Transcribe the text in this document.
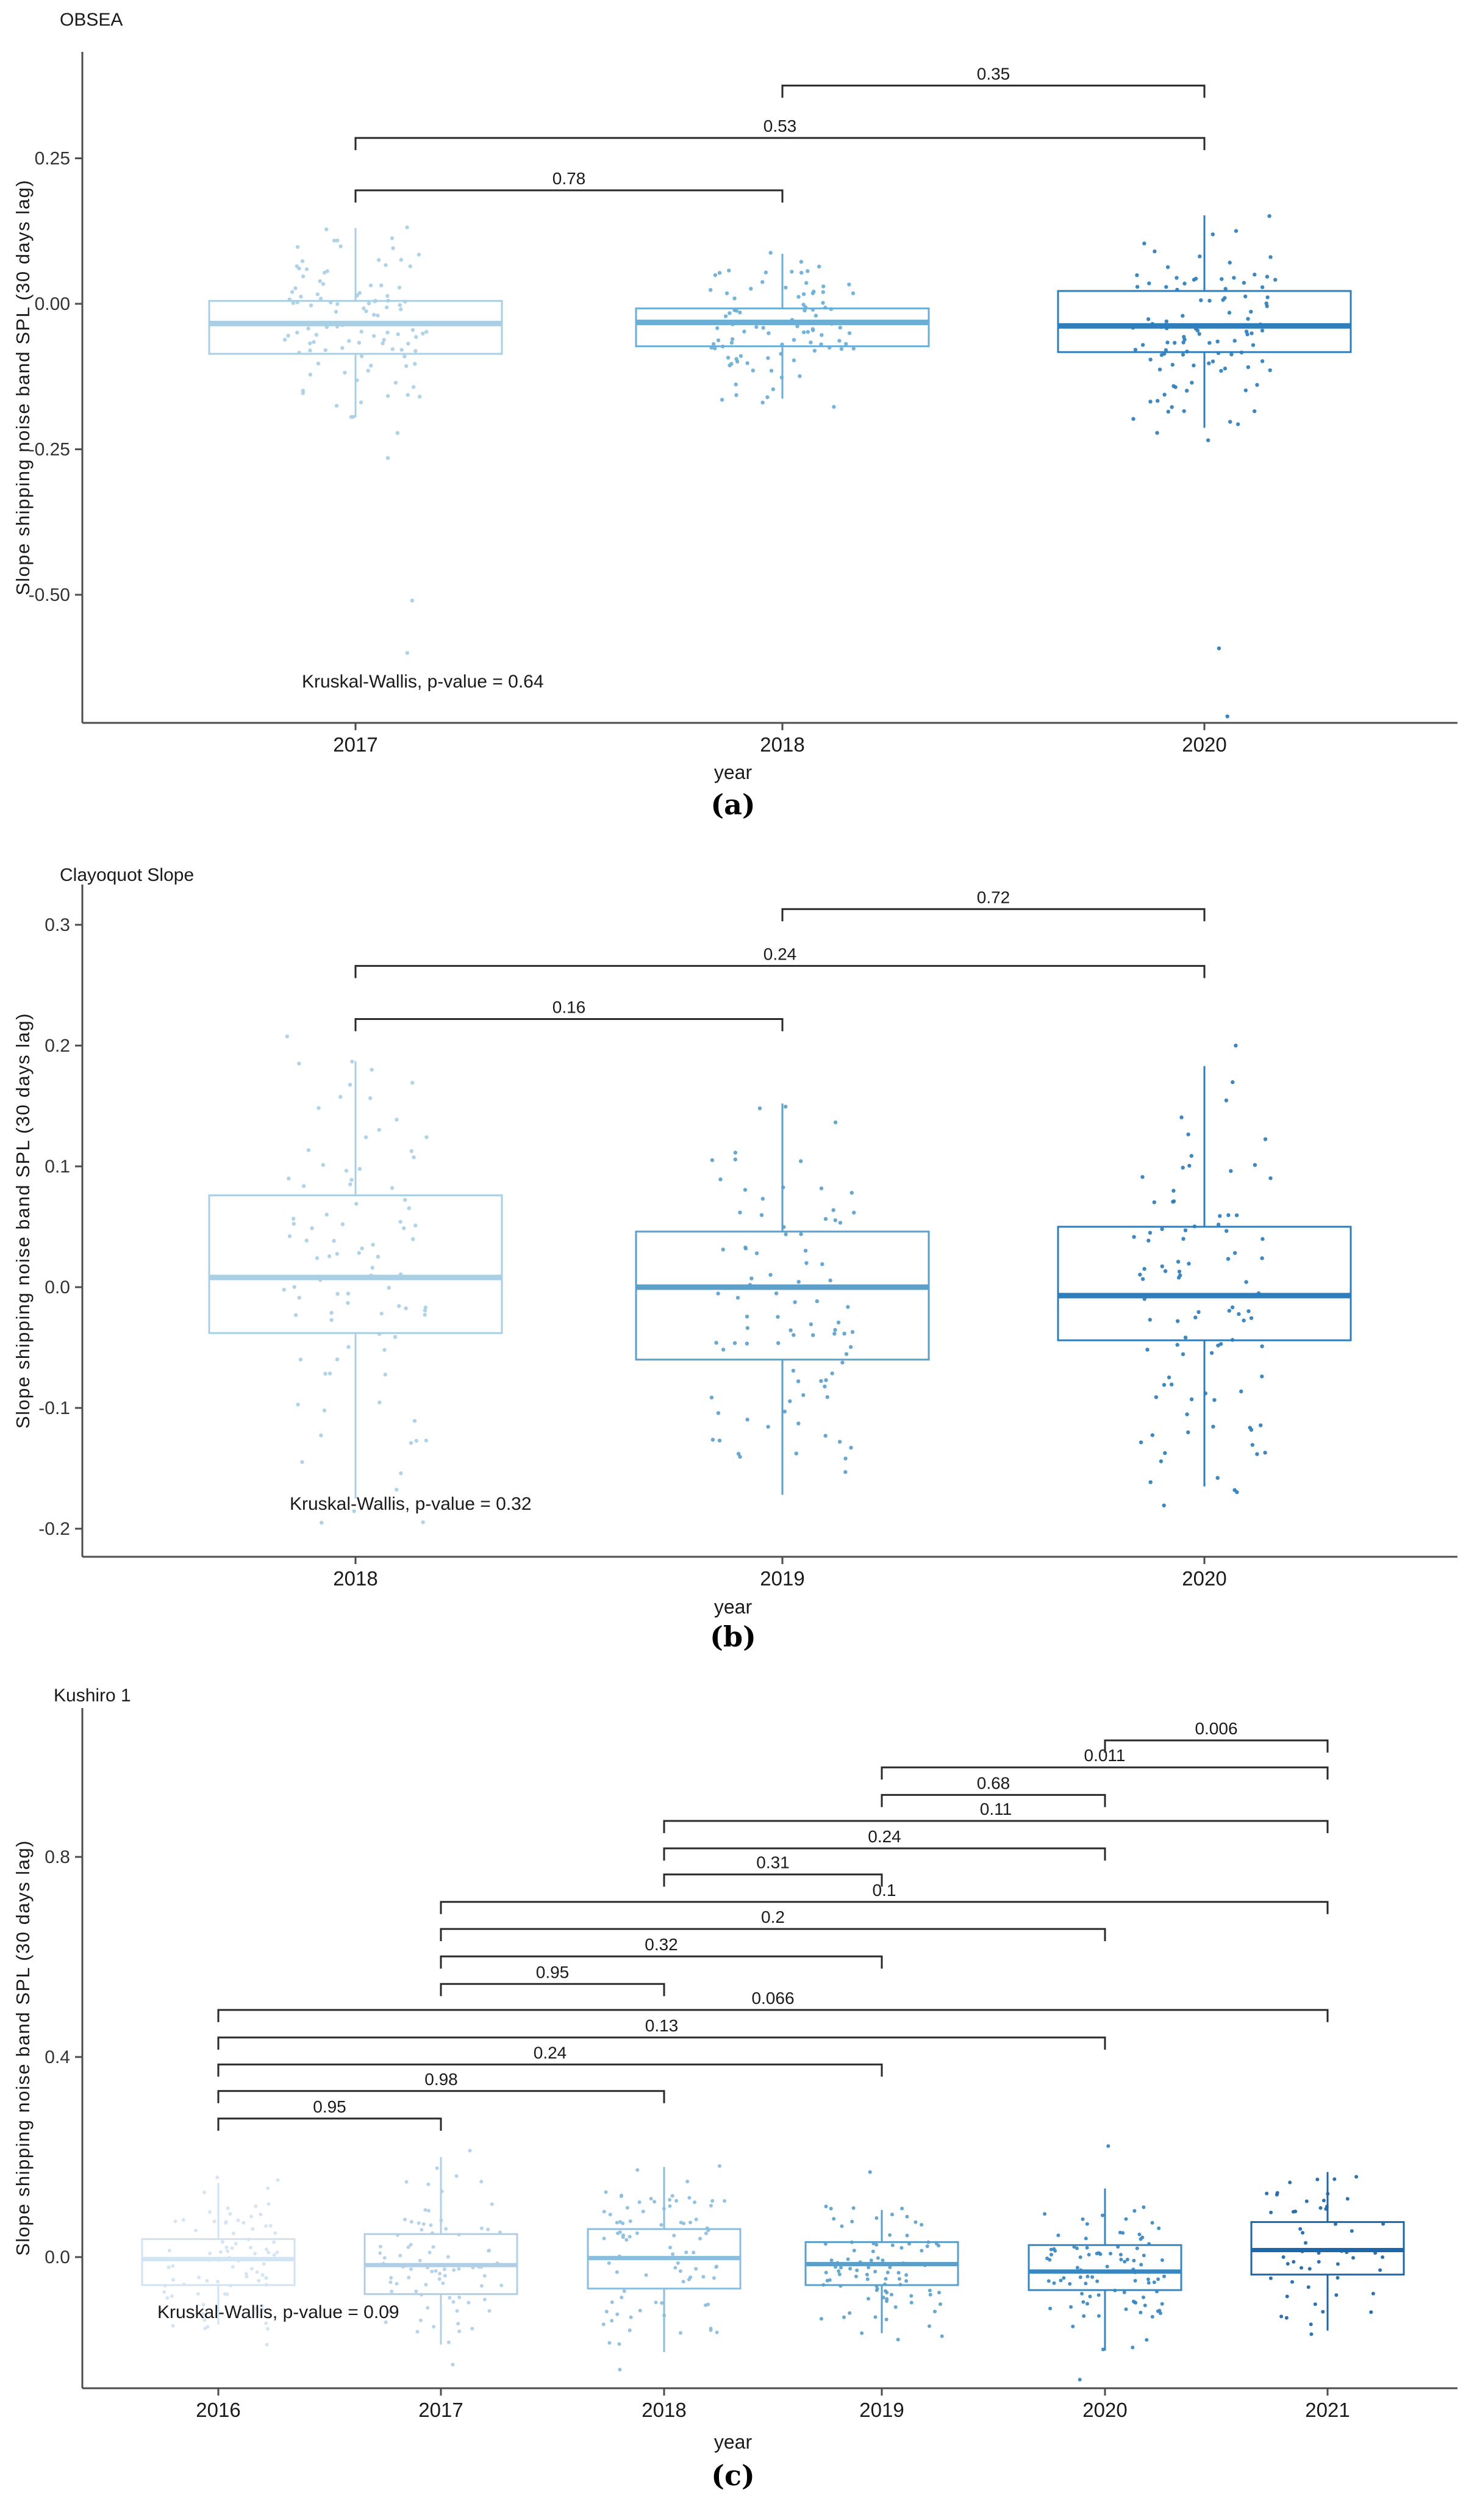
0.25
0.00
-0.25
-0.50
2017	2018	2020
0.78
0.53
0.35
OBSEA
Slope shipping noise band SPL (30 days lag)
Kruskal-Wallis, p-value = 0.64
year
(a)
0.3
0.2
0.1
0.0
-0.1
-0.2
2018	2019	2020
0.16
0.24
0.72
Clayoquot Slope
Slope shipping noise band SPL (30 days lag)
Kruskal-Wallis, p-value = 0.32
year
(b)
0.8
0.4
0.0
2016	2017	2018	2019	2020	2021
0.95
0.98
0.24
0.13
0.066
0.95
0.32
0.2
0.1
0.31
0.24
0.11
0.68
0.011
0.006
Kushiro 1
Slope shipping noise band SPL (30 days lag)
Kruskal-Wallis, p-value = 0.09
year
(c)
